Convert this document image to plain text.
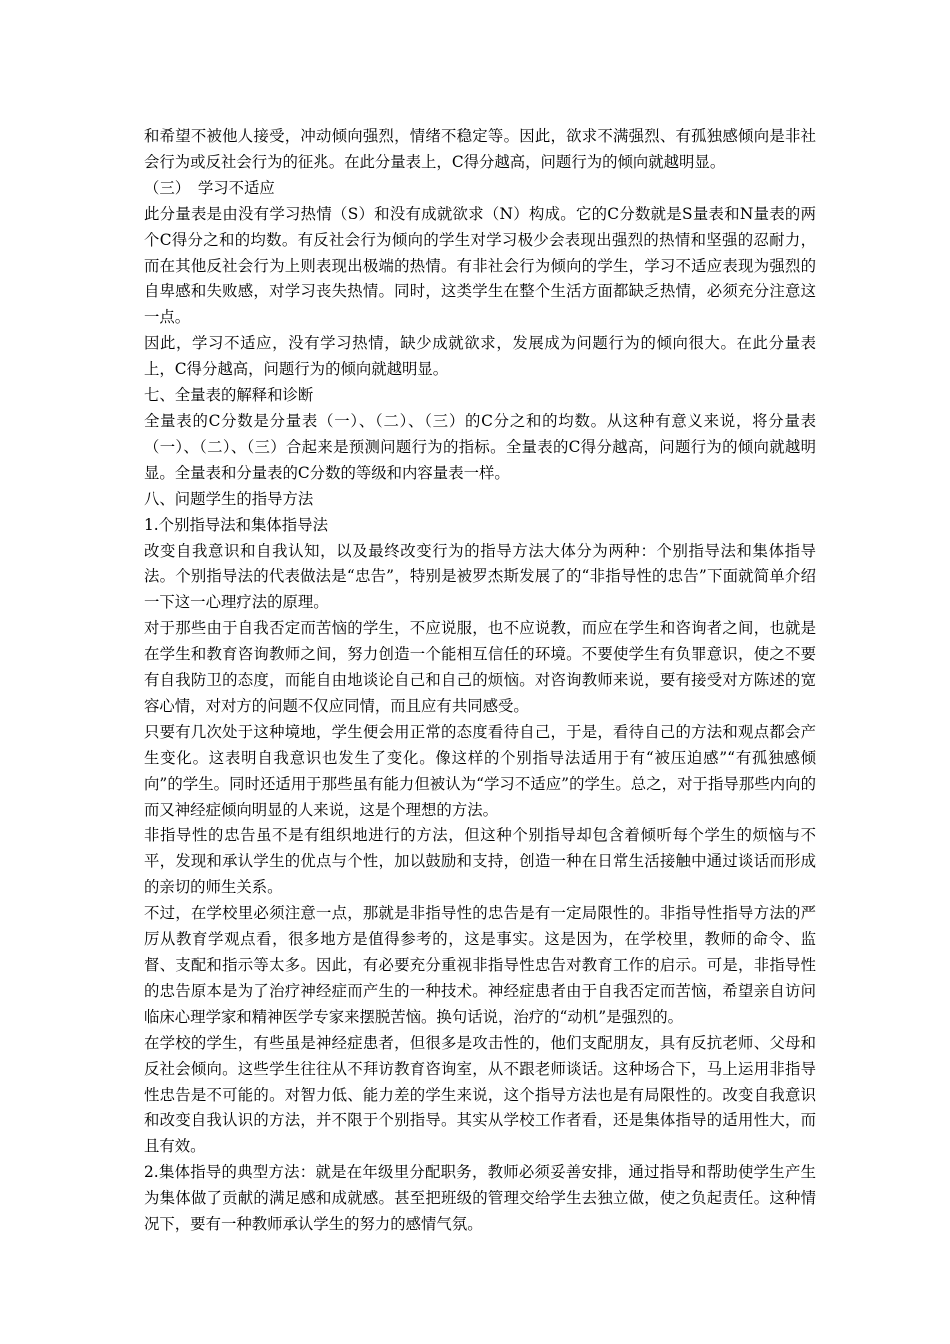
和希望不被他人接受，冲动倾向强烈，情绪不稳定等。因此，欲求不满强烈、有孤独感倾向是非社会行为或反社会行为的征兆。在此分量表上，C得分越高，问题行为的倾向就越明显。

（三）　学习不适应

此分量表是由没有学习热情（S）和没有成就欲求（N）构成。它的C分数就是S量表和N量表的两个C得分之和的均数。有反社会行为倾向的学生对学习极少会表现出强烈的热情和坚强的忍耐力，而在其他反社会行为上则表现出极端的热情。有非社会行为倾向的学生，学习不适应表现为强烈的自卑感和失败感，对学习丧失热情。同时，这类学生在整个生活方面都缺乏热情，必须充分注意这一点。

因此，学习不适应，没有学习热情，缺少成就欲求，发展成为问题行为的倾向很大。在此分量表上，C得分越高，问题行为的倾向就越明显。

七、全量表的解释和诊断

全量表的C分数是分量表（一）、（二）、（三）的C分之和的均数。从这种有意义来说，将分量表（一）、（二）、（三）合起来是预测问题行为的指标。全量表的C得分越高，问题行为的倾向就越明显。全量表和分量表的C分数的等级和内容量表一样。

八、问题学生的指导方法

1.个别指导法和集体指导法

改变自我意识和自我认知，以及最终改变行为的指导方法大体分为两种：个别指导法和集体指导法。个别指导法的代表做法是“忠告”，特别是被罗杰斯发展了的“非指导性的忠告”下面就简单介绍一下这一心理疗法的原理。

对于那些由于自我否定而苦恼的学生，不应说服，也不应说教，而应在学生和咨询者之间，也就是在学生和教育咨询教师之间，努力创造一个能相互信任的环境。不要使学生有负罪意识，使之不要有自我防卫的态度，而能自由地谈论自己和自己的烦恼。对咨询教师来说，要有接受对方陈述的宽容心情，对对方的问题不仅应同情，而且应有共同感受。

只要有几次处于这种境地，学生便会用正常的态度看待自己，于是，看待自己的方法和观点都会产生变化。这表明自我意识也发生了变化。像这样的个别指导法适用于有“被压迫感”“有孤独感倾向”的学生。同时还适用于那些虽有能力但被认为“学习不适应”的学生。总之，对于指导那些内向的而又神经症倾向明显的人来说，这是个理想的方法。

非指导性的忠告虽不是有组织地进行的方法，但这种个别指导却包含着倾听每个学生的烦恼与不平，发现和承认学生的优点与个性，加以鼓励和支持，创造一种在日常生活接触中通过谈话而形成的亲切的师生关系。

不过，在学校里必须注意一点，那就是非指导性的忠告是有一定局限性的。非指导性指导方法的严厉从教育学观点看，很多地方是值得参考的，这是事实。这是因为，在学校里，教师的命令、监督、支配和指示等太多。因此，有必要充分重视非指导性忠告对教育工作的启示。可是，非指导性的忠告原本是为了治疗神经症而产生的一种技术。神经症患者由于自我否定而苦恼，希望亲自访问临床心理学家和精神医学专家来摆脱苦恼。换句话说，治疗的“动机”是强烈的。

在学校的学生，有些虽是神经症患者，但很多是攻击性的，他们支配朋友，具有反抗老师、父母和反社会倾向。这些学生往往从不拜访教育咨询室，从不跟老师谈话。这种场合下，马上运用非指导性忠告是不可能的。对智力低、能力差的学生来说，这个指导方法也是有局限性的。改变自我意识和改变自我认识的方法，并不限于个别指导。其实从学校工作者看，还是集体指导的适用性大，而且有效。

2.集体指导的典型方法：就是在年级里分配职务，教师必须妥善安排，通过指导和帮助使学生产生为集体做了贡献的满足感和成就感。甚至把班级的管理交给学生去独立做，使之负起责任。这种情况下，要有一种教师承认学生的努力的感情气氛。
